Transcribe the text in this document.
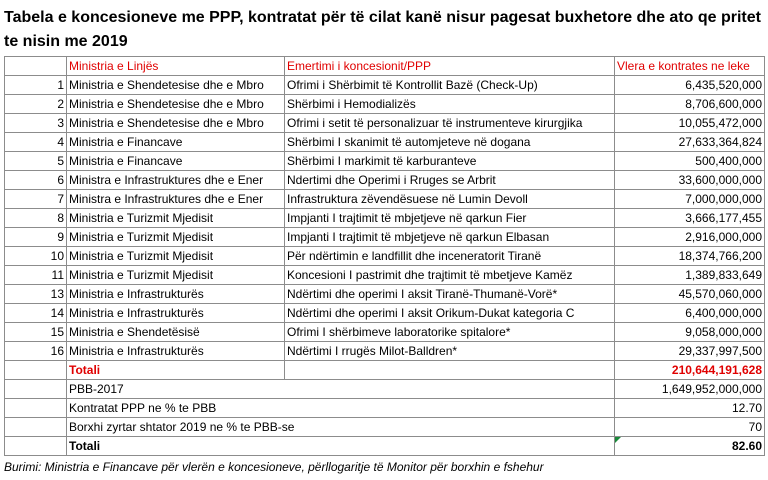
Tabela e koncesioneve me PPP, kontratat për të cilat kanë nisur pagesat buxhetore dhe ato qe pritet te nisin me 2019
	Ministria e Linjës	Emertimi i koncesionit/PPP	Vlera e kontrates ne leke
1	Ministria e Shendetesise dhe e Mbro	Ofrimi i Shërbimit të Kontrollit Bazë (Check-Up)	6,435,520,000
2	Ministria e Shendetesise dhe e Mbro	Shërbimi i Hemodializës	8,706,600,000
3	Ministria e Shendetesise dhe e Mbro	Ofrimi i setit të personalizuar të instrumenteve kirurgjika	10,055,472,000
4	Ministria e Financave	Shërbimi I skanimit të automjeteve në dogana	27,633,364,824
5	Ministria e Financave	Shërbimi I markimit të karburanteve	500,400,000
6	Ministra e Infrastruktures dhe e Ener	Ndertimi dhe Operimi i Rruges se Arbrit	33,600,000,000
7	Ministra e Infrastruktures dhe e Ener	Infrastruktura zëvendësuese në Lumin Devoll	7,000,000,000
8	Ministria e Turizmit Mjedisit	Impjanti I trajtimit të mbjetjeve në qarkun Fier	3,666,177,455
9	Ministria e Turizmit Mjedisit	Impjanti I trajtimit të mbjetjeve në qarkun Elbasan	2,916,000,000
10	Ministria e Turizmit Mjedisit	Për ndërtimin e landfillit dhe inceneratorit Tiranë	18,374,766,200
11	Ministria e Turizmit Mjedisit	Koncesioni I pastrimit dhe trajtimit të mbetjeve Kamëz	1,389,833,649
13	Ministria e Infrastrukturës	Ndërtimi dhe operimi I aksit Tiranë-Thumanë-Vorë*	45,570,060,000
14	Ministria e Infrastrukturës	Ndërtimi dhe operimi I aksit Orikum-Dukat kategoria C	6,400,000,000
15	Ministria e Shendetësisë	Ofrimi I shërbimeve laboratorike spitalore*	9,058,000,000
16	Ministria e Infrastrukturës	Ndërtimi I rrugës Milot-Balldren*	29,337,997,500
	Totali		210,644,191,628
	PBB-2017		1,649,952,000,000
	Kontratat PPP ne % te PBB		12.70
	Borxhi zyrtar shtator 2019 ne % te PBB-se		70
	Totali		82.60
Burimi: Ministria e Financave për vlerën e koncesioneve, përllogaritje të Monitor për borxhin e fshehur
